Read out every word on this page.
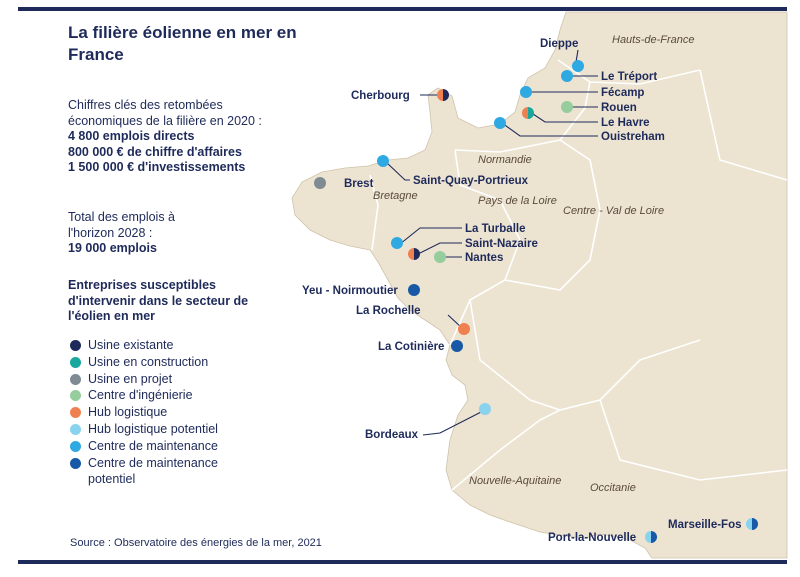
Hauts-de-France
Normandie
Bretagne	Pays de la Loire
Centre - Val de Loire
Nouvelle-Aquitaine
Occitanie
Dieppe
Le Tréport
Fécamp
Rouen
Le Havre
Ouistreham
Cherbourg
Brest	Saint-Quay-Portrieux
La Turballe
Saint-Nazaire
Nantes
Yeu - Noirmoutier
La Rochelle
La Cotinière
Bordeaux
Port-la-Nouvelle
Marseille-Fos
La filière éolienne en mer en France
Chiffres clés des retombées économiques de la filière en 2020 :
4 800 emplois directs
800 000 € de chiffre d'affaires
1 500 000 € d'investissements
Total des emplois à l'horizon 2028 :
19 000 emplois
Entreprises susceptibles d'intervenir dans le secteur de l'éolien en mer
Usine existante
Usine en construction
Usine en projet
Centre d'ingénierie
Hub logistique
Hub logistique potentiel
Centre de maintenance
Centre de maintenance potentiel
Source : Observatoire des énergies de la mer, 2021
